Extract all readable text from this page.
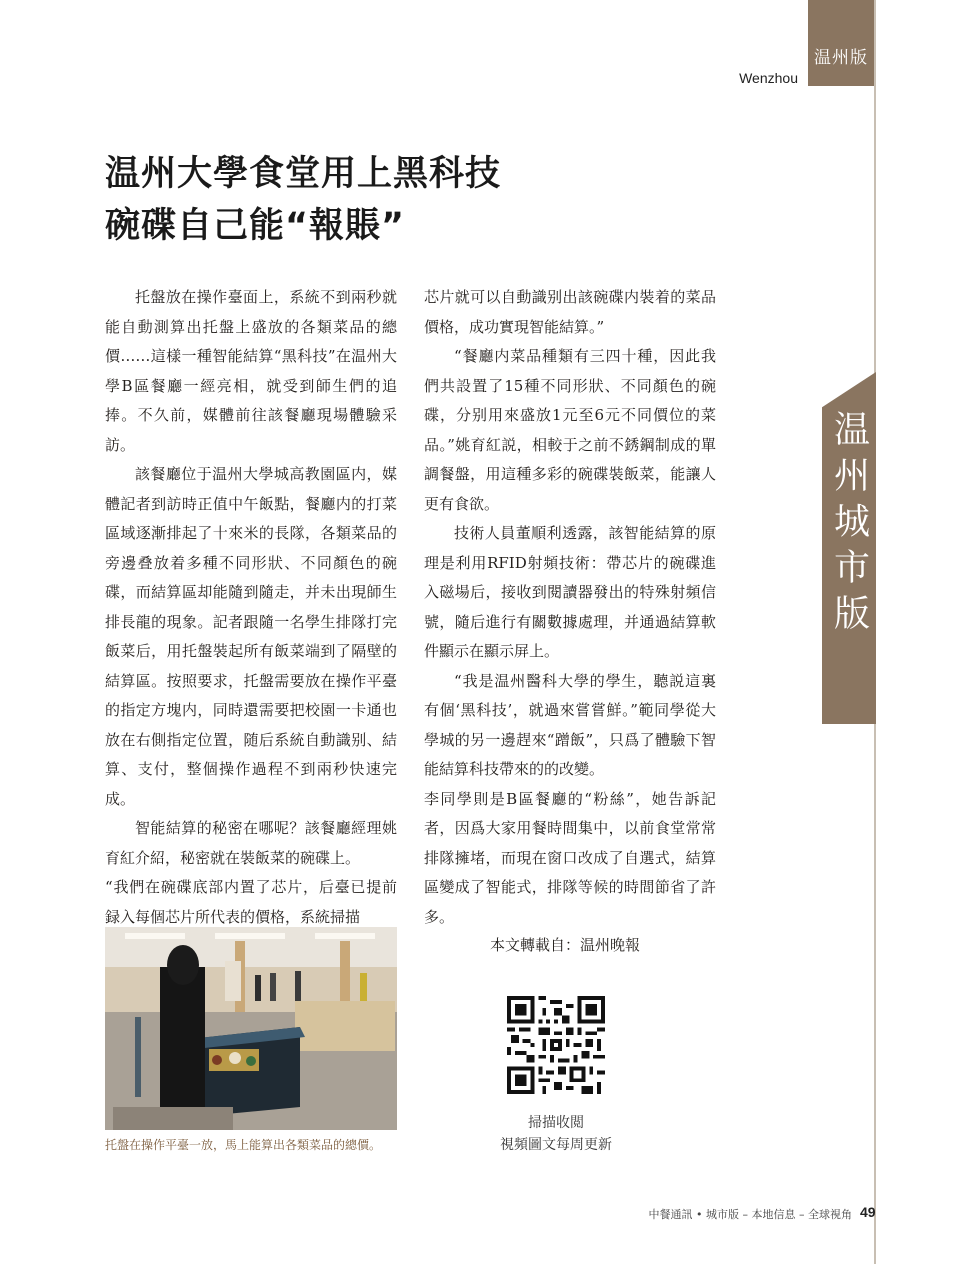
温州版
Wenzhou
温州城市版
温州大學食堂用上黑科技
碗碟自己能“報賬”

托盤放在操作臺面上，系統不到兩秒就能自動測算出托盤上盛放的各類菜品的總價……這樣一種智能結算“黑科技”在温州大學B區餐廳一經亮相，就受到師生們的追捧。不久前，媒體前往該餐廳現場體驗采訪。

該餐廳位于温州大學城高教園區内，媒體記者到訪時正值中午飯點，餐廳内的打菜區域逐漸排起了十來米的長隊，各類菜品的旁邊叠放着多種不同形狀、不同顏色的碗碟，而結算區却能隨到隨走，并未出現師生排長龍的現象。記者跟隨一名學生排隊打完飯菜后，用托盤裝起所有飯菜端到了隔壁的結算區。按照要求，托盤需要放在操作平臺的指定方塊内，同時還需要把校園一卡通也放在右側指定位置，随后系統自動識别、結算、支付，整個操作過程不到兩秒快速完成。

智能結算的秘密在哪呢？該餐廳經理姚育紅介紹，秘密就在裝飯菜的碗碟上。

“我們在碗碟底部内置了芯片，后臺已提前録入每個芯片所代表的價格，系統掃描

芯片就可以自動識别出該碗碟内裝着的菜品價格，成功實現智能結算。”

“餐廳内菜品種類有三四十種，因此我們共設置了15種不同形狀、不同顏色的碗碟，分别用來盛放1元至6元不同價位的菜品。”姚育紅説，相較于之前不銹鋼制成的單調餐盤，用這種多彩的碗碟裝飯菜，能讓人更有食欲。

技術人員董順利透露，該智能結算的原理是利用RFID射頻技術：帶芯片的碗碟進入磁場后，接收到閱讀器發出的特殊射頻信號，隨后進行有關數據處理，并通過結算軟件顯示在顯示屏上。

“我是温州醫科大學的學生，聽説這裏有個‘黑科技’，就過來嘗嘗鮮。”範同學從大學城的另一邊趕來“蹭飯”，只爲了體驗下智能結算科技帶來的的改變。

李同學則是B區餐廳的“粉絲”，她告訴記者，因爲大家用餐時間集中，以前食堂常常排隊擁堵，而現在窗口改成了自選式，結算區變成了智能式，排隊等候的時間節省了許多。

托盤在操作平臺一放，馬上能算出各類菜品的總價。
本文轉載自：温州晚報
掃描收閲
視頻圖文每周更新
中餐通訊 • 城市版 – 本地信息 – 全球視角 49
